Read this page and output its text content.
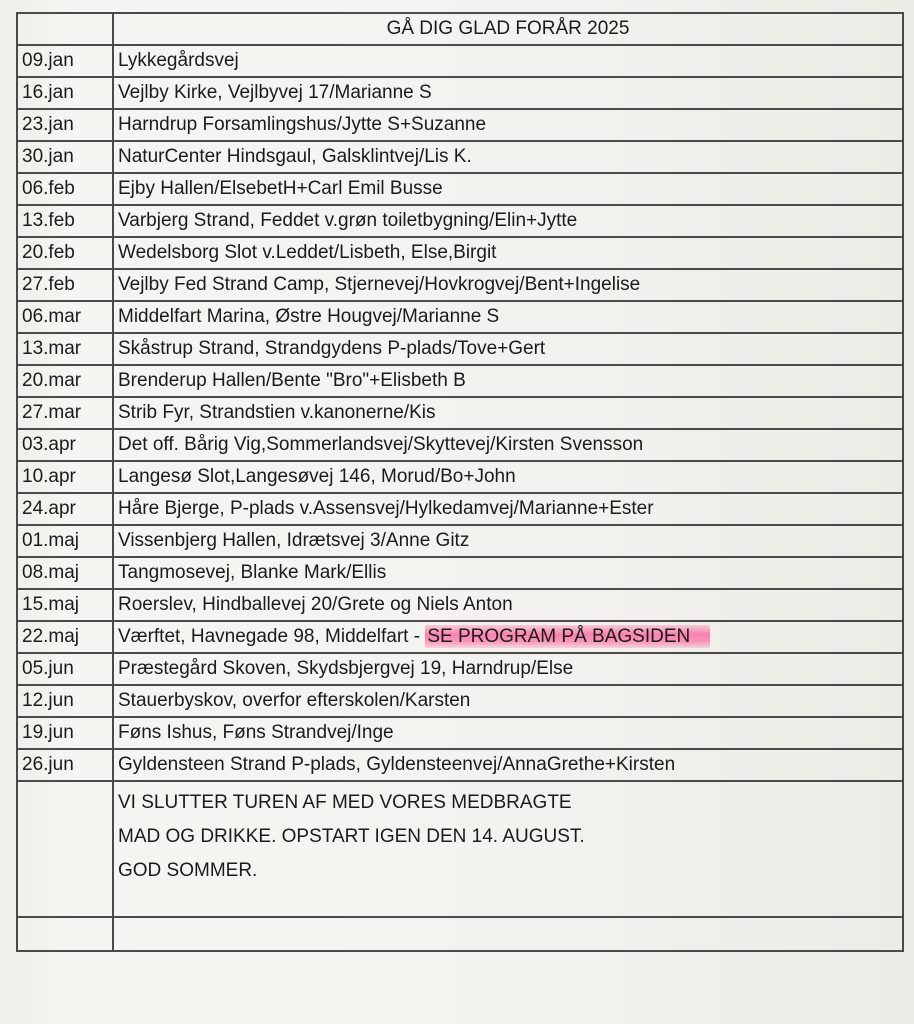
	GÅ DIG GLAD FORÅR 2025
09.jan	Lykkegårdsvej
16.jan	Vejlby Kirke, Vejlbyvej 17/Marianne S
23.jan	Harndrup Forsamlingshus/Jytte S+Suzanne
30.jan	NaturCenter Hindsgaul, Galsklintvej/Lis K.
06.feb	Ejby Hallen/ElsebetH+Carl Emil Busse
13.feb	Varbjerg Strand, Feddet v.grøn toiletbygning/Elin+Jytte
20.feb	Wedelsborg Slot v.Leddet/Lisbeth, Else,Birgit
27.feb	Vejlby Fed Strand Camp, Stjernevej/Hovkrogvej/Bent+Ingelise
06.mar	Middelfart Marina, Østre Hougvej/Marianne S
13.mar	Skåstrup Strand, Strandgydens P-plads/Tove+Gert
20.mar	Brenderup Hallen/Bente "Bro"+Elisbeth B
27.mar	Strib Fyr, Strandstien v.kanonerne/Kis
03.apr	Det off. Bårig Vig,Sommerlandsvej/Skyttevej/Kirsten Svensson
10.apr	Langesø Slot,Langesøvej 146, Morud/Bo+John
24.apr	Håre Bjerge, P-plads v.Assensvej/Hylkedamvej/Marianne+Ester
01.maj	Vissenbjerg Hallen, Idrætsvej 3/Anne Gitz
08.maj	Tangmosevej, Blanke Mark/Ellis
15.maj	Roerslev, Hindballevej 20/Grete og Niels Anton
22.maj	Værftet, Havnegade 98, Middelfart - SE PROGRAM PÅ BAGSIDEN
05.jun	Præstegård Skoven, Skydsbjergvej 19, Harndrup/Else
12.jun	Stauerbyskov, overfor efterskolen/Karsten
19.jun	Føns Ishus, Føns Strandvej/Inge
26.jun	Gyldensteen Strand P-plads, Gyldensteenvej/AnnaGrethe+Kirsten

	VI SLUTTER TUREN AF MED VORES MEDBRAGTE
MAD OG DRIKKE. OPSTART IGEN DEN 14. AUGUST.
GOD SOMMER.
